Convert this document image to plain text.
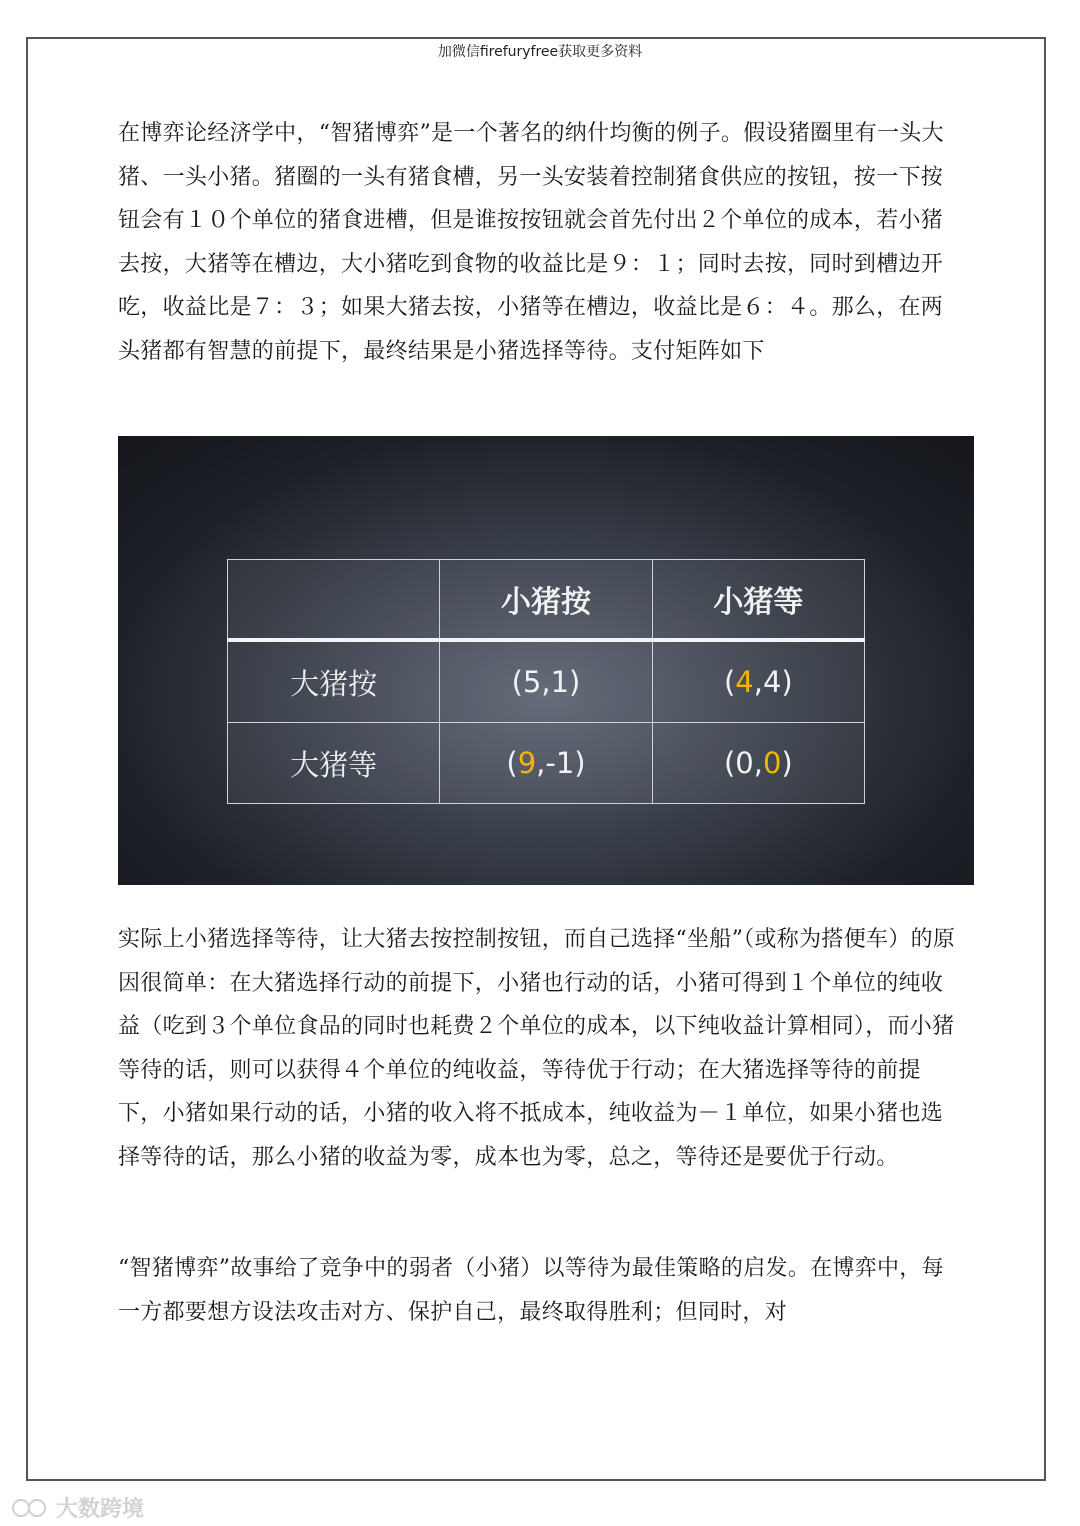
加微信firefuryfree获取更多资料

在博弈论经济学中，“智猪博弈”是一个著名的纳什均衡的例子。假设猪圈里有一头大猪、一头小猪。猪圈的一头有猪食槽，另一头安装着控制猪食供应的按钮，按一下按钮会有１０个单位的猪食进槽，但是谁按按钮就会首先付出２个单位的成本，若小猪去按，大猪等在槽边，大小猪吃到食物的收益比是９：１；同时去按，同时到槽边开吃，收益比是７：３；如果大猪去按，小猪等在槽边，收益比是６：４。那么，在两头猪都有智慧的前提下，最终结果是小猪选择等待。支付矩阵如下

	小猪按	小猪等
大猪按	(5,1)	(4,4)
大猪等	(9,-1)	(0,0)

实际上小猪选择等待，让大猪去按控制按钮，而自己选择“坐船”（或称为搭便车）的原因很简单：在大猪选择行动的前提下，小猪也行动的话，小猪可得到１个单位的纯收益（吃到３个单位食品的同时也耗费２个单位的成本，以下纯收益计算相同），而小猪等待的话，则可以获得４个单位的纯收益，等待优于行动；在大猪选择等待的前提下，小猪如果行动的话，小猪的收入将不抵成本，纯收益为－１单位，如果小猪也选择等待的话，那么小猪的收益为零，成本也为零，总之，等待还是要优于行动。

“智猪博弈”故事给了竞争中的弱者（小猪）以等待为最佳策略的启发。在博弈中，每一方都要想方设法攻击对方、保护自己，最终取得胜利；但同时，对

大数跨境
